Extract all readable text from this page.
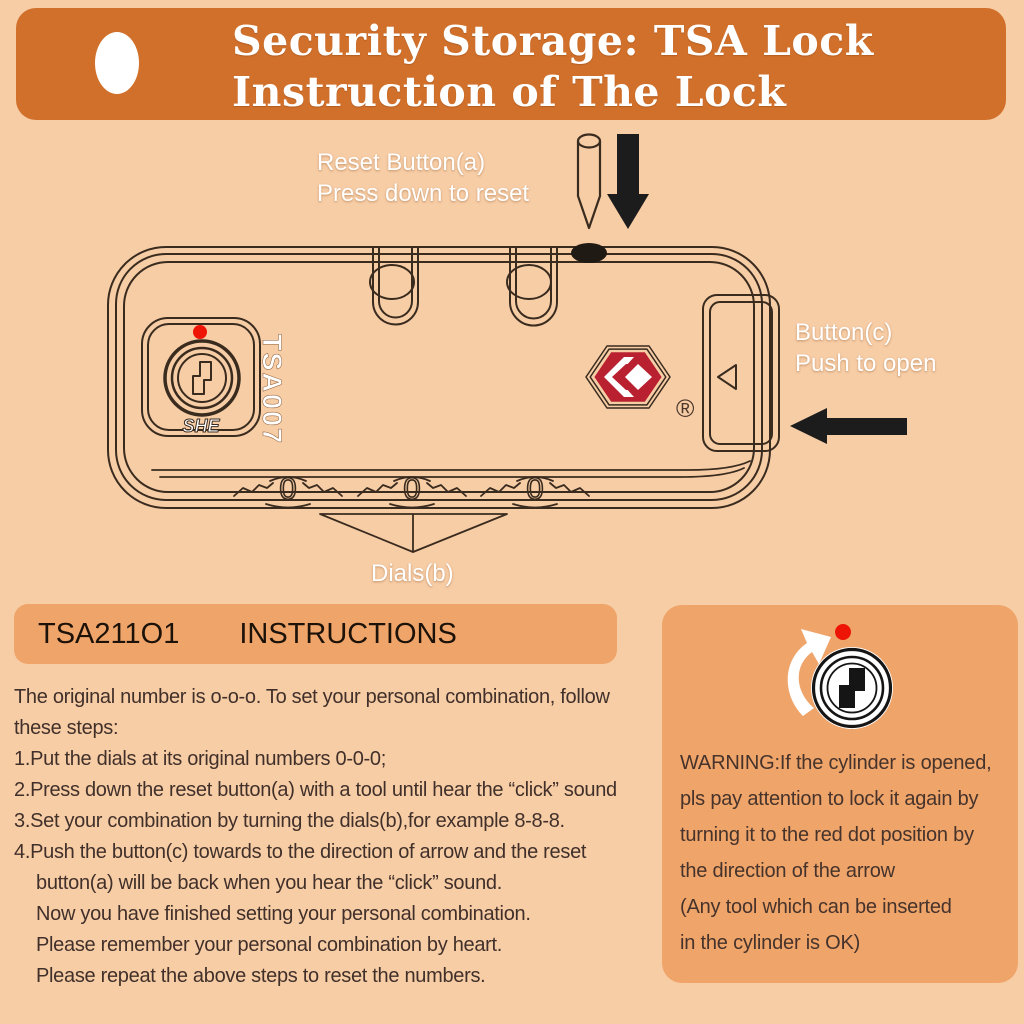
Security Storage: TSA Lock
Instruction of The Lock
SHE TSA007	®
0	0	0
Reset Button(a)
Press down to reset
Button(c)
Push to open
Dials(b)
TSA211O1 INSTRUCTIONS
The original number is o-o-o. To set your personal combination, follow
these steps:
1.Put the dials at its original numbers 0-0-0;
2.Press down the reset button(a) with a tool until hear the “click” sound
3.Set your combination by turning the dials(b),for example 8-8-8.
4.Push the button(c) towards to the direction of arrow and the reset
button(a) will be back when you hear the “click” sound.
Now you have finished setting your personal combination.
Please remember your personal combination by heart.
Please repeat the above steps to reset the numbers.
WARNING:If the cylinder is opened,
pls pay attention to lock it again by
turning it to the red dot position by
the direction of the arrow
(Any tool which can be inserted
in the cylinder is OK)
